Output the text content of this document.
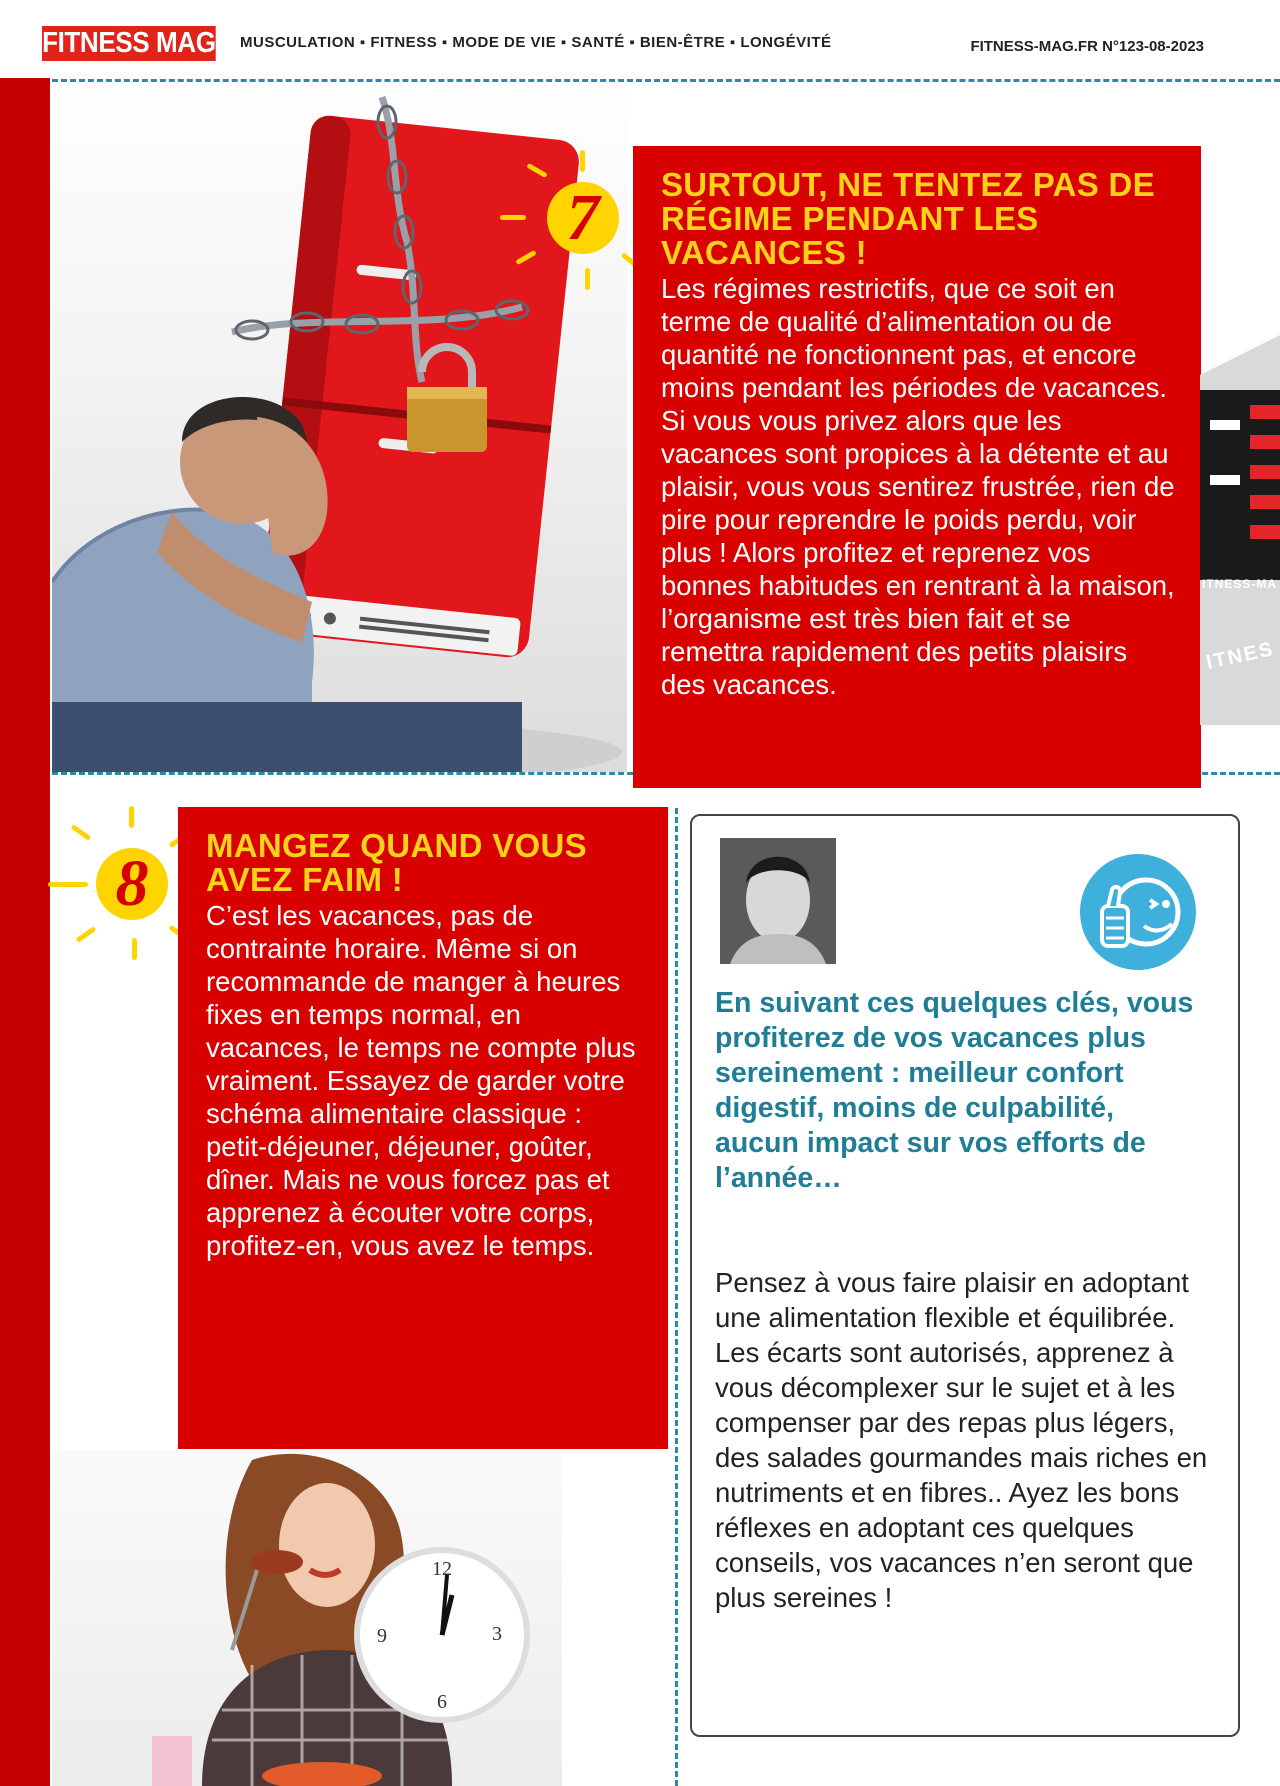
FITNESS MAG MUSCULATION ▪ FITNESS ▪ MODE DE VIE ▪ SANTÉ ▪ BIEN-ÊTRE ▪ LONGÉVITÉ	FITNESS-MAG.FR N°123-08-2023
7	SURTOUT, NE TENTEZ PAS DE RÉGIME PENDANT LES VACANCES !
Les régimes restrictifs, que ce soit en terme de qualité d’alimentation ou de quantité ne fonctionnent pas, et encore moins pendant les périodes de vacances. Si vous vous privez alors que les vacances sont propices à la détente et au plaisir, vous vous sentirez frustrée, rien de pire pour reprendre le poids perdu, voir plus ! Alors profitez et reprenez vos bonnes habitudes en rentrant à la maison, l’organisme est très bien fait et se remettra rapidement des petits plaisirs des vacances.
ITNESS-MA
ITNES
8
MANGEZ QUAND VOUS AVEZ FAIM !
C’est les vacances, pas de contrainte horaire. Même si on recommande de manger à heures fixes en temps normal, en vacances, le temps ne compte plus vraiment. Essayez de garder votre schéma alimentaire classique : petit-déjeuner, déjeuner, goûter, dîner. Mais ne vous forcez pas et apprenez à écouter votre corps, profitez-en, vous avez le temps.
12
3
6
9
En suivant ces quelques clés, vous profiterez de vos vacances plus sereinement : meilleur confort digestif, moins de culpabilité, aucun impact sur vos efforts de l’année…
Pensez à vous faire plaisir en adoptant une alimentation flexible et équilibrée. Les écarts sont autorisés, apprenez à vous décomplexer sur le sujet et à les compenser par des repas plus légers, des salades gourmandes mais riches en nutriments et en fibres.. Ayez les bons réflexes en adoptant ces quelques conseils, vos vacances n’en seront que plus sereines !
